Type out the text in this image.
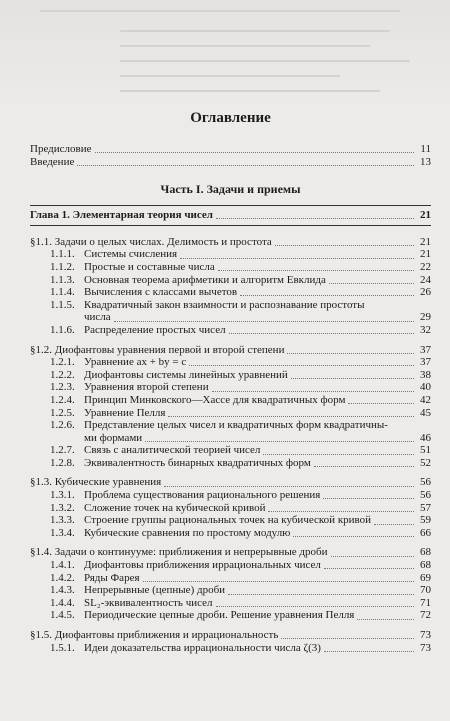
Оглавление
Предисловие	11
Введение	13
Часть I. Задачи и приемы
Глава 1. Элементарная теория чисел	21
§1.1. Задачи о целых числах. Делимость и простота	21
1.1.1. Системы счисления	21
1.1.2. Простые и составные числа	22
1.1.3. Основная теорема арифметики и алгоритм Евклида	24
1.1.4. Вычисления с классами вычетов	26
1.1.5. Квадратичный закон взаимности и распознавание простоты
числа	29
1.1.6. Распределение простых чисел	32
§1.2. Диофантовы уравнения первой и второй степени	37
1.2.1. Уравнение ax + by = c	37
1.2.2. Диофантовы системы линейных уравнений	38
1.2.3. Уравнения второй степени	40
1.2.4. Принцип Минковского—Хассе для квадратичных форм	42
1.2.5. Уравнение Пелля	45
1.2.6. Представление целых чисел и квадратичных форм квадратичны-
ми формами	46
1.2.7. Связь с аналитической теорией чисел	51
1.2.8. Эквивалентность бинарных квадратичных форм	52
§1.3. Кубические уравнения	56
1.3.1. Проблема существования рационального решения	56
1.3.2. Сложение точек на кубической кривой	57
1.3.3. Строение группы рациональных точек на кубической кривой	59
1.3.4. Кубические сравнения по простому модулю	66
§1.4. Задачи о континууме: приближения и непрерывные дроби	68
1.4.1. Диофантовы приближения иррациональных чисел	68
1.4.2. Ряды Фарея	69
1.4.3. Непрерывные (цепные) дроби	70
1.4.4. SL₂-эквивалентность чисел	71
1.4.5. Периодические цепные дроби. Решение уравнения Пелля	72
§1.5. Диофантовы приближения и иррациональность	73
1.5.1. Идеи доказательства иррациональности числа ζ(3)	73
